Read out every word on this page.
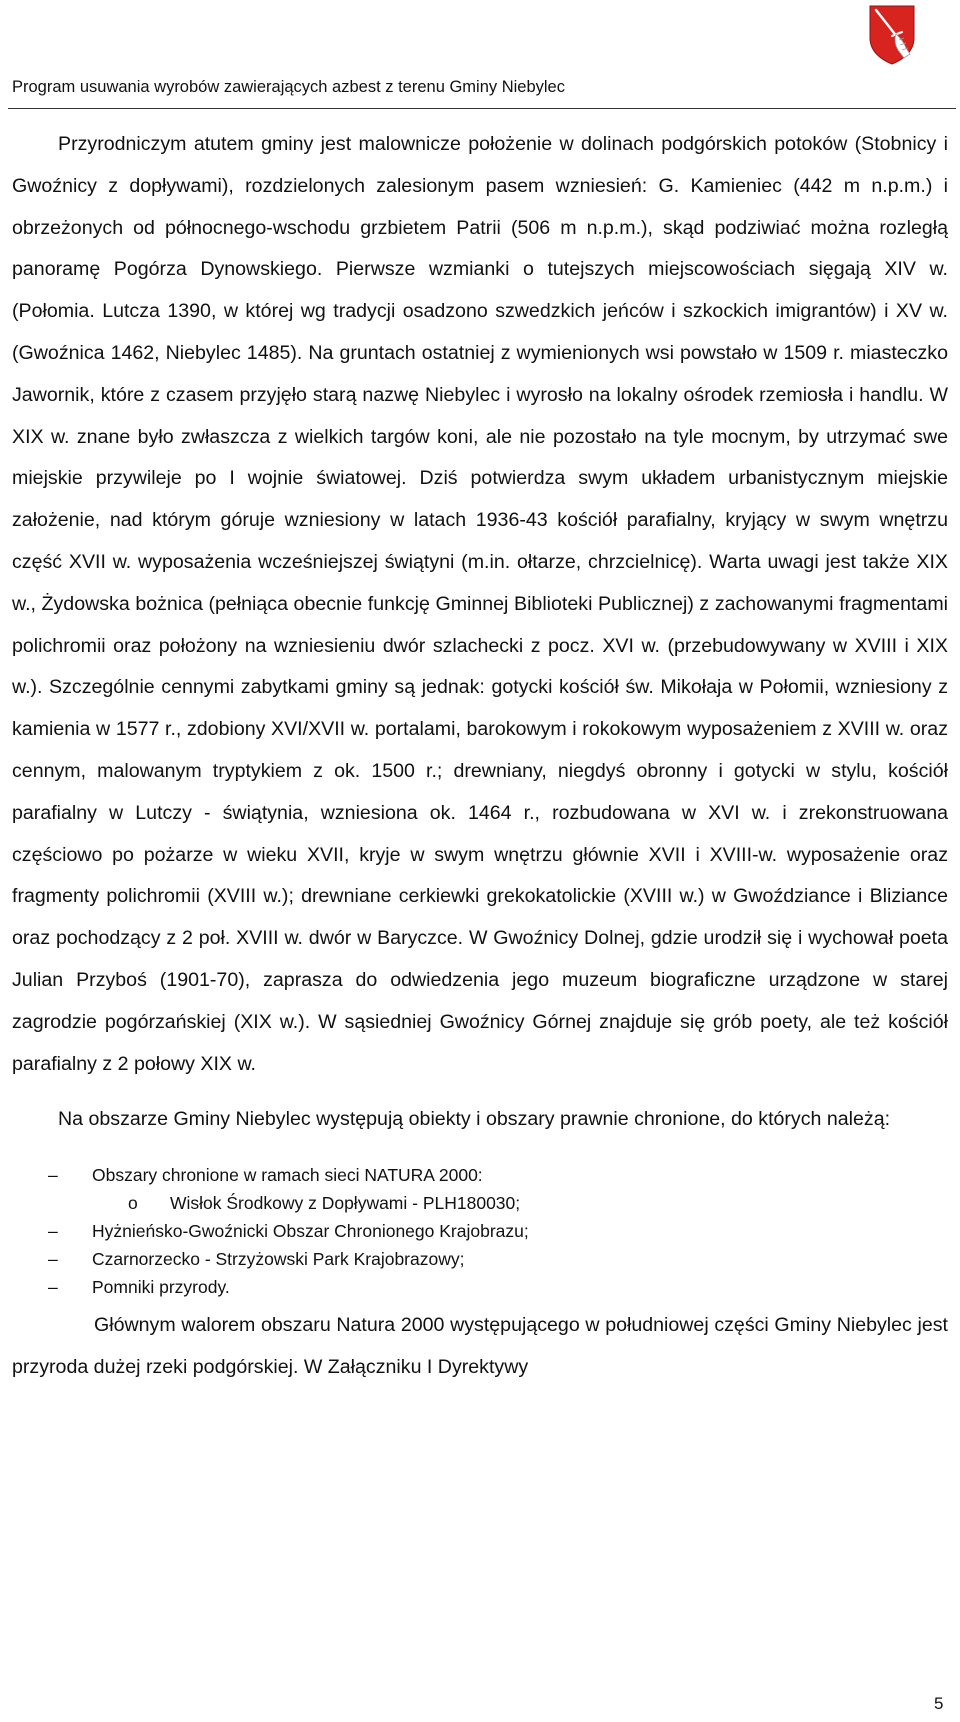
Program usuwania wyrobów zawierających azbest z terenu Gminy Niebylec

Przyrodniczym atutem gminy jest malownicze położenie w dolinach podgórskich potoków (Stobnicy i Gwoźnicy z dopływami), rozdzielonych zalesionym pasem wzniesień: G. Kamieniec (442 m n.p.m.) i obrzeżonych od północnego-wschodu grzbietem Patrii (506 m n.p.m.), skąd podziwiać można rozległą panoramę Pogórza Dynowskiego. Pierwsze wzmianki o tutejszych miejscowościach sięgają XIV w. (Połomia. Lutcza 1390, w której wg tradycji osadzono szwedzkich jeńców i szkockich imigrantów) i XV w. (Gwoźnica 1462, Niebylec 1485). Na gruntach ostatniej z wymienionych wsi powstało w 1509 r. miasteczko Jawornik, które z czasem przyjęło starą nazwę Niebylec i wyrosło na lokalny ośrodek rzemiosła i handlu. W XIX w. znane było zwłaszcza z wielkich targów koni, ale nie pozostało na tyle mocnym, by utrzymać swe miejskie przywileje po I wojnie światowej. Dziś potwierdza swym układem urbanistycznym miejskie założenie, nad którym góruje wzniesiony w latach 1936-43 kościół parafialny, kryjący w swym wnętrzu część XVII w. wyposażenia wcześniejszej świątyni (m.in. ołtarze, chrzcielnicę). Warta uwagi jest także XIX w., Żydowska bożnica (pełniąca obecnie funkcję Gminnej Biblioteki Publicznej) z zachowanymi fragmentami polichromii oraz położony na wzniesieniu dwór szlachecki z pocz. XVI w. (przebudowywany w XVIII i XIX w.). Szczególnie cennymi zabytkami gminy są jednak: gotycki kościół św. Mikołaja w Połomii, wzniesiony z kamienia w 1577 r., zdobiony XVI/XVII w. portalami, barokowym i rokokowym wyposażeniem z XVIII w. oraz cennym, malowanym tryptykiem z ok. 1500 r.; drewniany, niegdyś obronny i gotycki w stylu, kościół parafialny w Lutczy - świątynia, wzniesiona ok. 1464 r., rozbudowana w XVI w. i zrekonstruowana częściowo po pożarze w wieku XVII, kryje w swym wnętrzu głównie XVII i XVIII-w. wyposażenie oraz fragmenty polichromii (XVIII w.); drewniane cerkiewki grekokatolickie (XVIII w.) w Gwoździance i Bliziance oraz pochodzący z 2 poł. XVIII w. dwór w Baryczce. W Gwoźnicy Dolnej, gdzie urodził się i wychował poeta Julian Przyboś (1901-70), zaprasza do odwiedzenia jego muzeum biograficzne urządzone w starej zagrodzie pogórzańskiej (XIX w.). W sąsiedniej Gwoźnicy Górnej znajduje się grób poety, ale też kościół parafialny z 2 połowy XIX w.

Na obszarze Gminy Niebylec występują obiekty i obszary prawnie chronione, do których należą:

– Obszary chronione w ramach sieci NATURA 2000:
o Wisłok Środkowy z Dopływami - PLH180030;
– Hyżnieńsko-Gwoźnicki Obszar Chronionego Krajobrazu;
– Czarnorzecko - Strzyżowski Park Krajobrazowy;
– Pomniki przyrody.

Głównym walorem obszaru Natura 2000 występującego w południowej części Gminy Niebylec jest przyroda dużej rzeki podgórskiej. W Załączniku I Dyrektywy

5
